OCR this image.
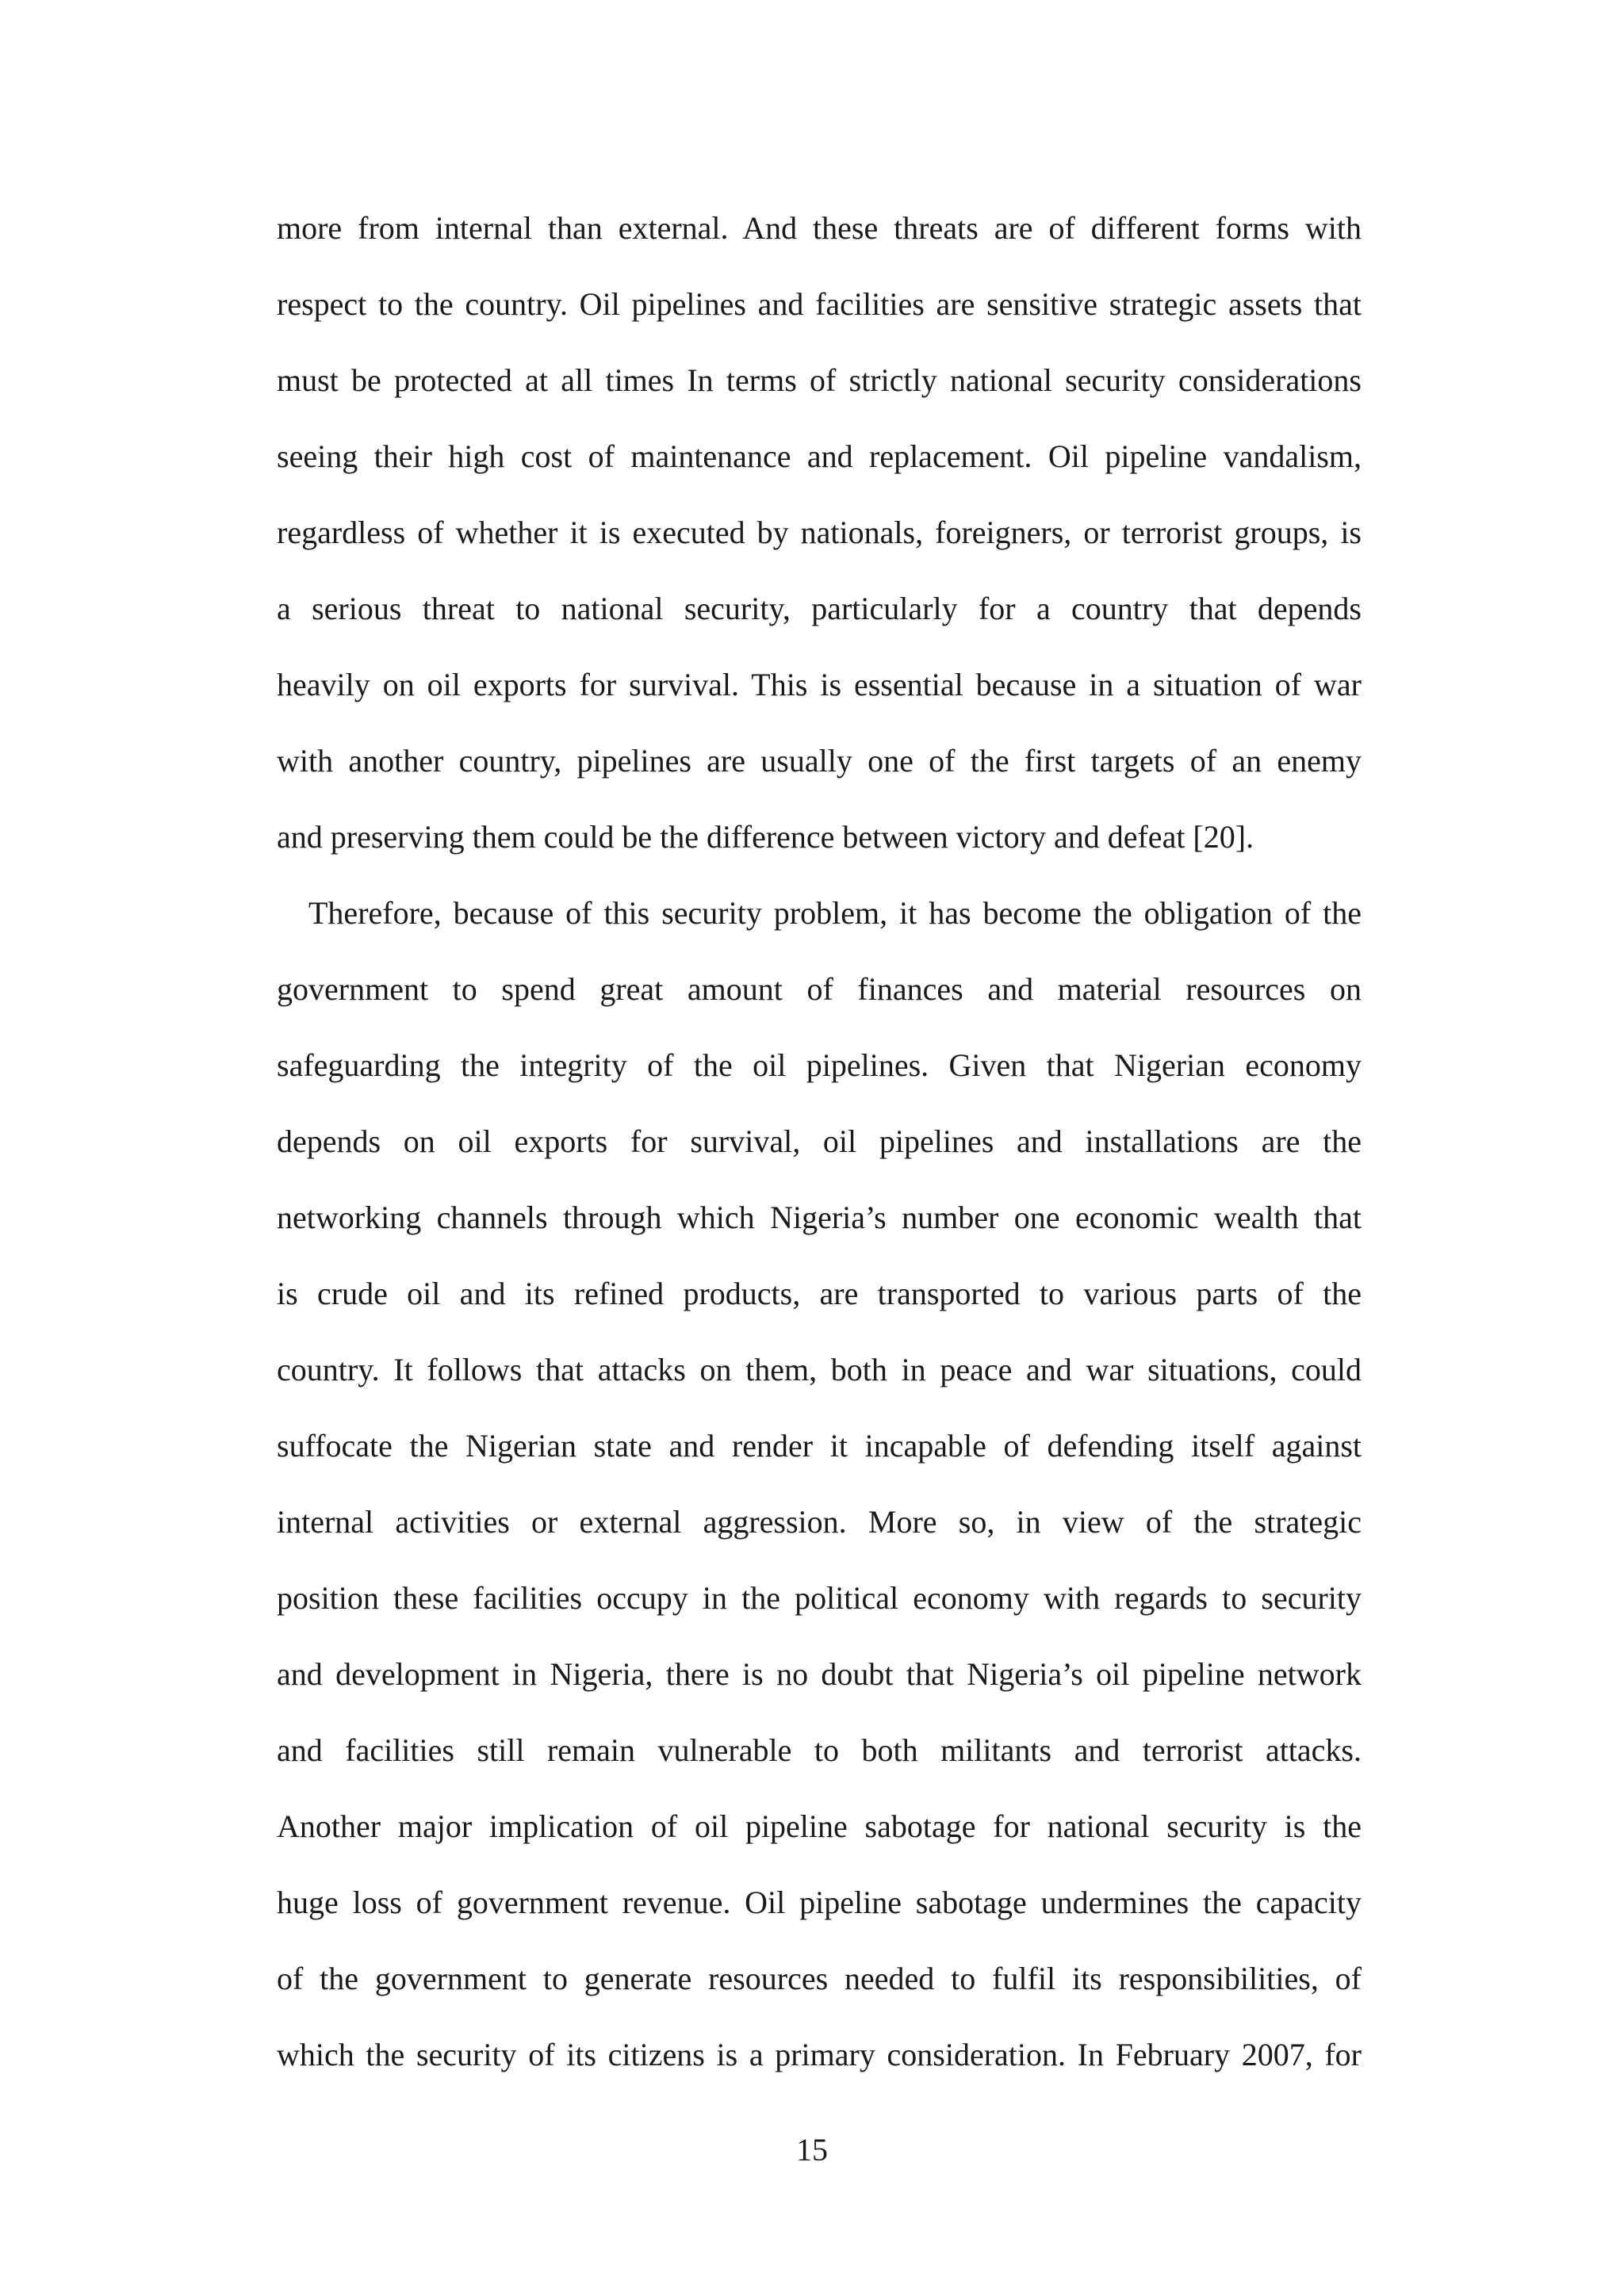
more from internal than external. And these threats are of different forms with
respect to the country. Oil pipelines and facilities are sensitive strategic assets that
must be protected at all times In terms of strictly national security considerations
seeing their high cost of maintenance and replacement. Oil pipeline vandalism,
regardless of whether it is executed by nationals, foreigners, or terrorist groups, is
a serious threat to national security, particularly for a country that depends
heavily on oil exports for survival. This is essential because in a situation of war
with another country, pipelines are usually one of the first targets of an enemy
and preserving them could be the difference between victory and defeat [20].
Therefore, because of this security problem, it has become the obligation of the
government to spend great amount of finances and material resources on
safeguarding the integrity of the oil pipelines. Given that Nigerian economy
depends on oil exports for survival, oil pipelines and installations are the
networking channels through which Nigeria’s number one economic wealth that
is crude oil and its refined products, are transported to various parts of the
country. It follows that attacks on them, both in peace and war situations, could
suffocate the Nigerian state and render it incapable of defending itself against
internal activities or external aggression. More so, in view of the strategic
position these facilities occupy in the political economy with regards to security
and development in Nigeria, there is no doubt that Nigeria’s oil pipeline network
and facilities still remain vulnerable to both militants and terrorist attacks.
Another major implication of oil pipeline sabotage for national security is the
huge loss of government revenue. Oil pipeline sabotage undermines the capacity
of the government to generate resources needed to fulfil its responsibilities, of
which the security of its citizens is a primary consideration. In February 2007, for
15
